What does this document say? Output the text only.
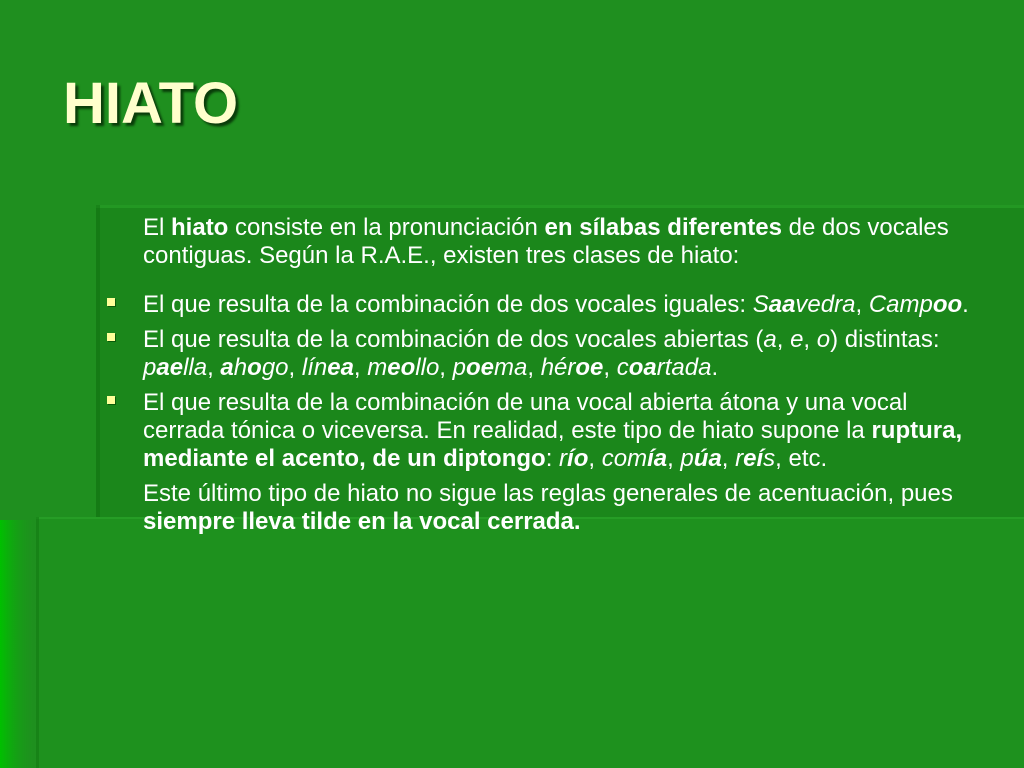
HIATO

El hiato consiste en la pronunciación en sílabas diferentes de dos vocales contiguas. Según la R.A.E., existen tres clases de hiato:

El que resulta de la combinación de dos vocales iguales: Saavedra, Campoo.
El que resulta de la combinación de dos vocales abiertas (a, e, o) distintas: paella, ahogo, línea, meollo, poema, héroe, coartada.
El que resulta de la combinación de una vocal abierta átona y una vocal cerrada tónica o viceversa. En realidad, este tipo de hiato supone la ruptura, mediante el acento, de un diptongo: río, comía, púa, reís, etc.

Este último tipo de hiato no sigue las reglas generales de acentuación, pues siempre lleva tilde en la vocal cerrada.
